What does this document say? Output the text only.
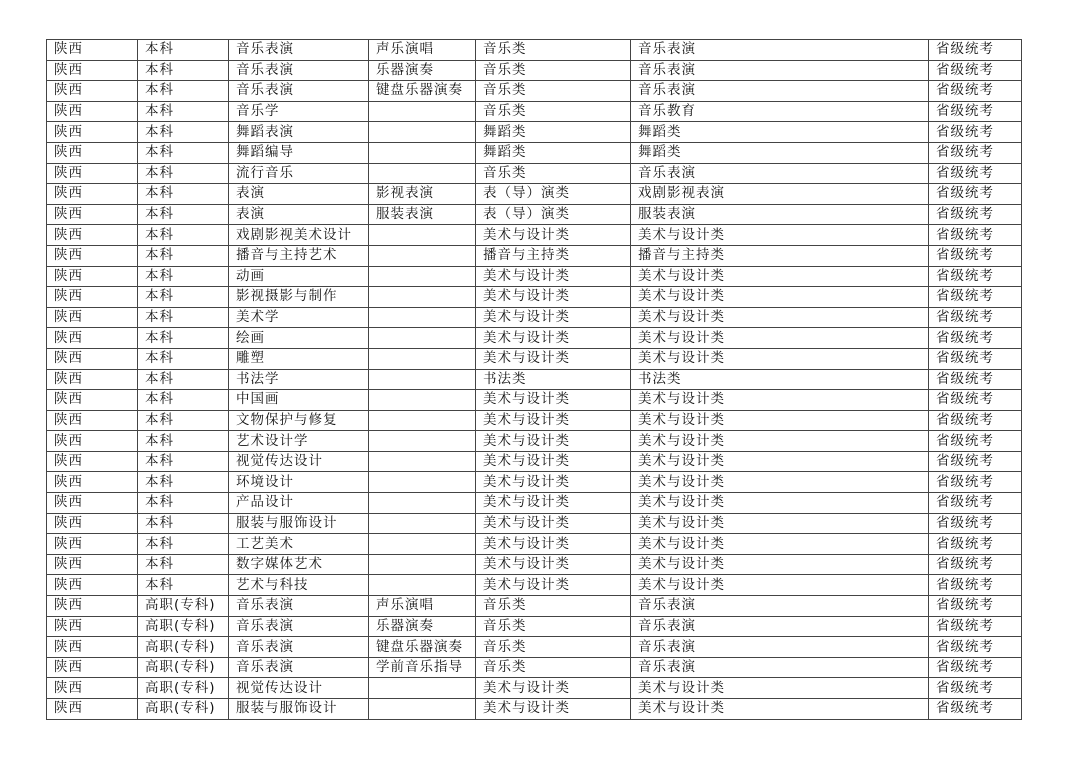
陕西	本科	音乐表演	声乐演唱	音乐类	音乐表演	省级统考
陕西	本科	音乐表演	乐器演奏	音乐类	音乐表演	省级统考
陕西	本科	音乐表演	键盘乐器演奏	音乐类	音乐表演	省级统考
陕西	本科	音乐学		音乐类	音乐教育	省级统考
陕西	本科	舞蹈表演		舞蹈类	舞蹈类	省级统考
陕西	本科	舞蹈编导		舞蹈类	舞蹈类	省级统考
陕西	本科	流行音乐		音乐类	音乐表演	省级统考
陕西	本科	表演	影视表演	表（导）演类	戏剧影视表演	省级统考
陕西	本科	表演	服装表演	表（导）演类	服装表演	省级统考
陕西	本科	戏剧影视美术设计		美术与设计类	美术与设计类	省级统考
陕西	本科	播音与主持艺术		播音与主持类	播音与主持类	省级统考
陕西	本科	动画		美术与设计类	美术与设计类	省级统考
陕西	本科	影视摄影与制作		美术与设计类	美术与设计类	省级统考
陕西	本科	美术学		美术与设计类	美术与设计类	省级统考
陕西	本科	绘画		美术与设计类	美术与设计类	省级统考
陕西	本科	雕塑		美术与设计类	美术与设计类	省级统考
陕西	本科	书法学		书法类	书法类	省级统考
陕西	本科	中国画		美术与设计类	美术与设计类	省级统考
陕西	本科	文物保护与修复		美术与设计类	美术与设计类	省级统考
陕西	本科	艺术设计学		美术与设计类	美术与设计类	省级统考
陕西	本科	视觉传达设计		美术与设计类	美术与设计类	省级统考
陕西	本科	环境设计		美术与设计类	美术与设计类	省级统考
陕西	本科	产品设计		美术与设计类	美术与设计类	省级统考
陕西	本科	服装与服饰设计		美术与设计类	美术与设计类	省级统考
陕西	本科	工艺美术		美术与设计类	美术与设计类	省级统考
陕西	本科	数字媒体艺术		美术与设计类	美术与设计类	省级统考
陕西	本科	艺术与科技		美术与设计类	美术与设计类	省级统考
陕西	高职(专科)	音乐表演	声乐演唱	音乐类	音乐表演	省级统考
陕西	高职(专科)	音乐表演	乐器演奏	音乐类	音乐表演	省级统考
陕西	高职(专科)	音乐表演	键盘乐器演奏	音乐类	音乐表演	省级统考
陕西	高职(专科)	音乐表演	学前音乐指导	音乐类	音乐表演	省级统考
陕西	高职(专科)	视觉传达设计		美术与设计类	美术与设计类	省级统考
陕西	高职(专科)	服装与服饰设计		美术与设计类	美术与设计类	省级统考
